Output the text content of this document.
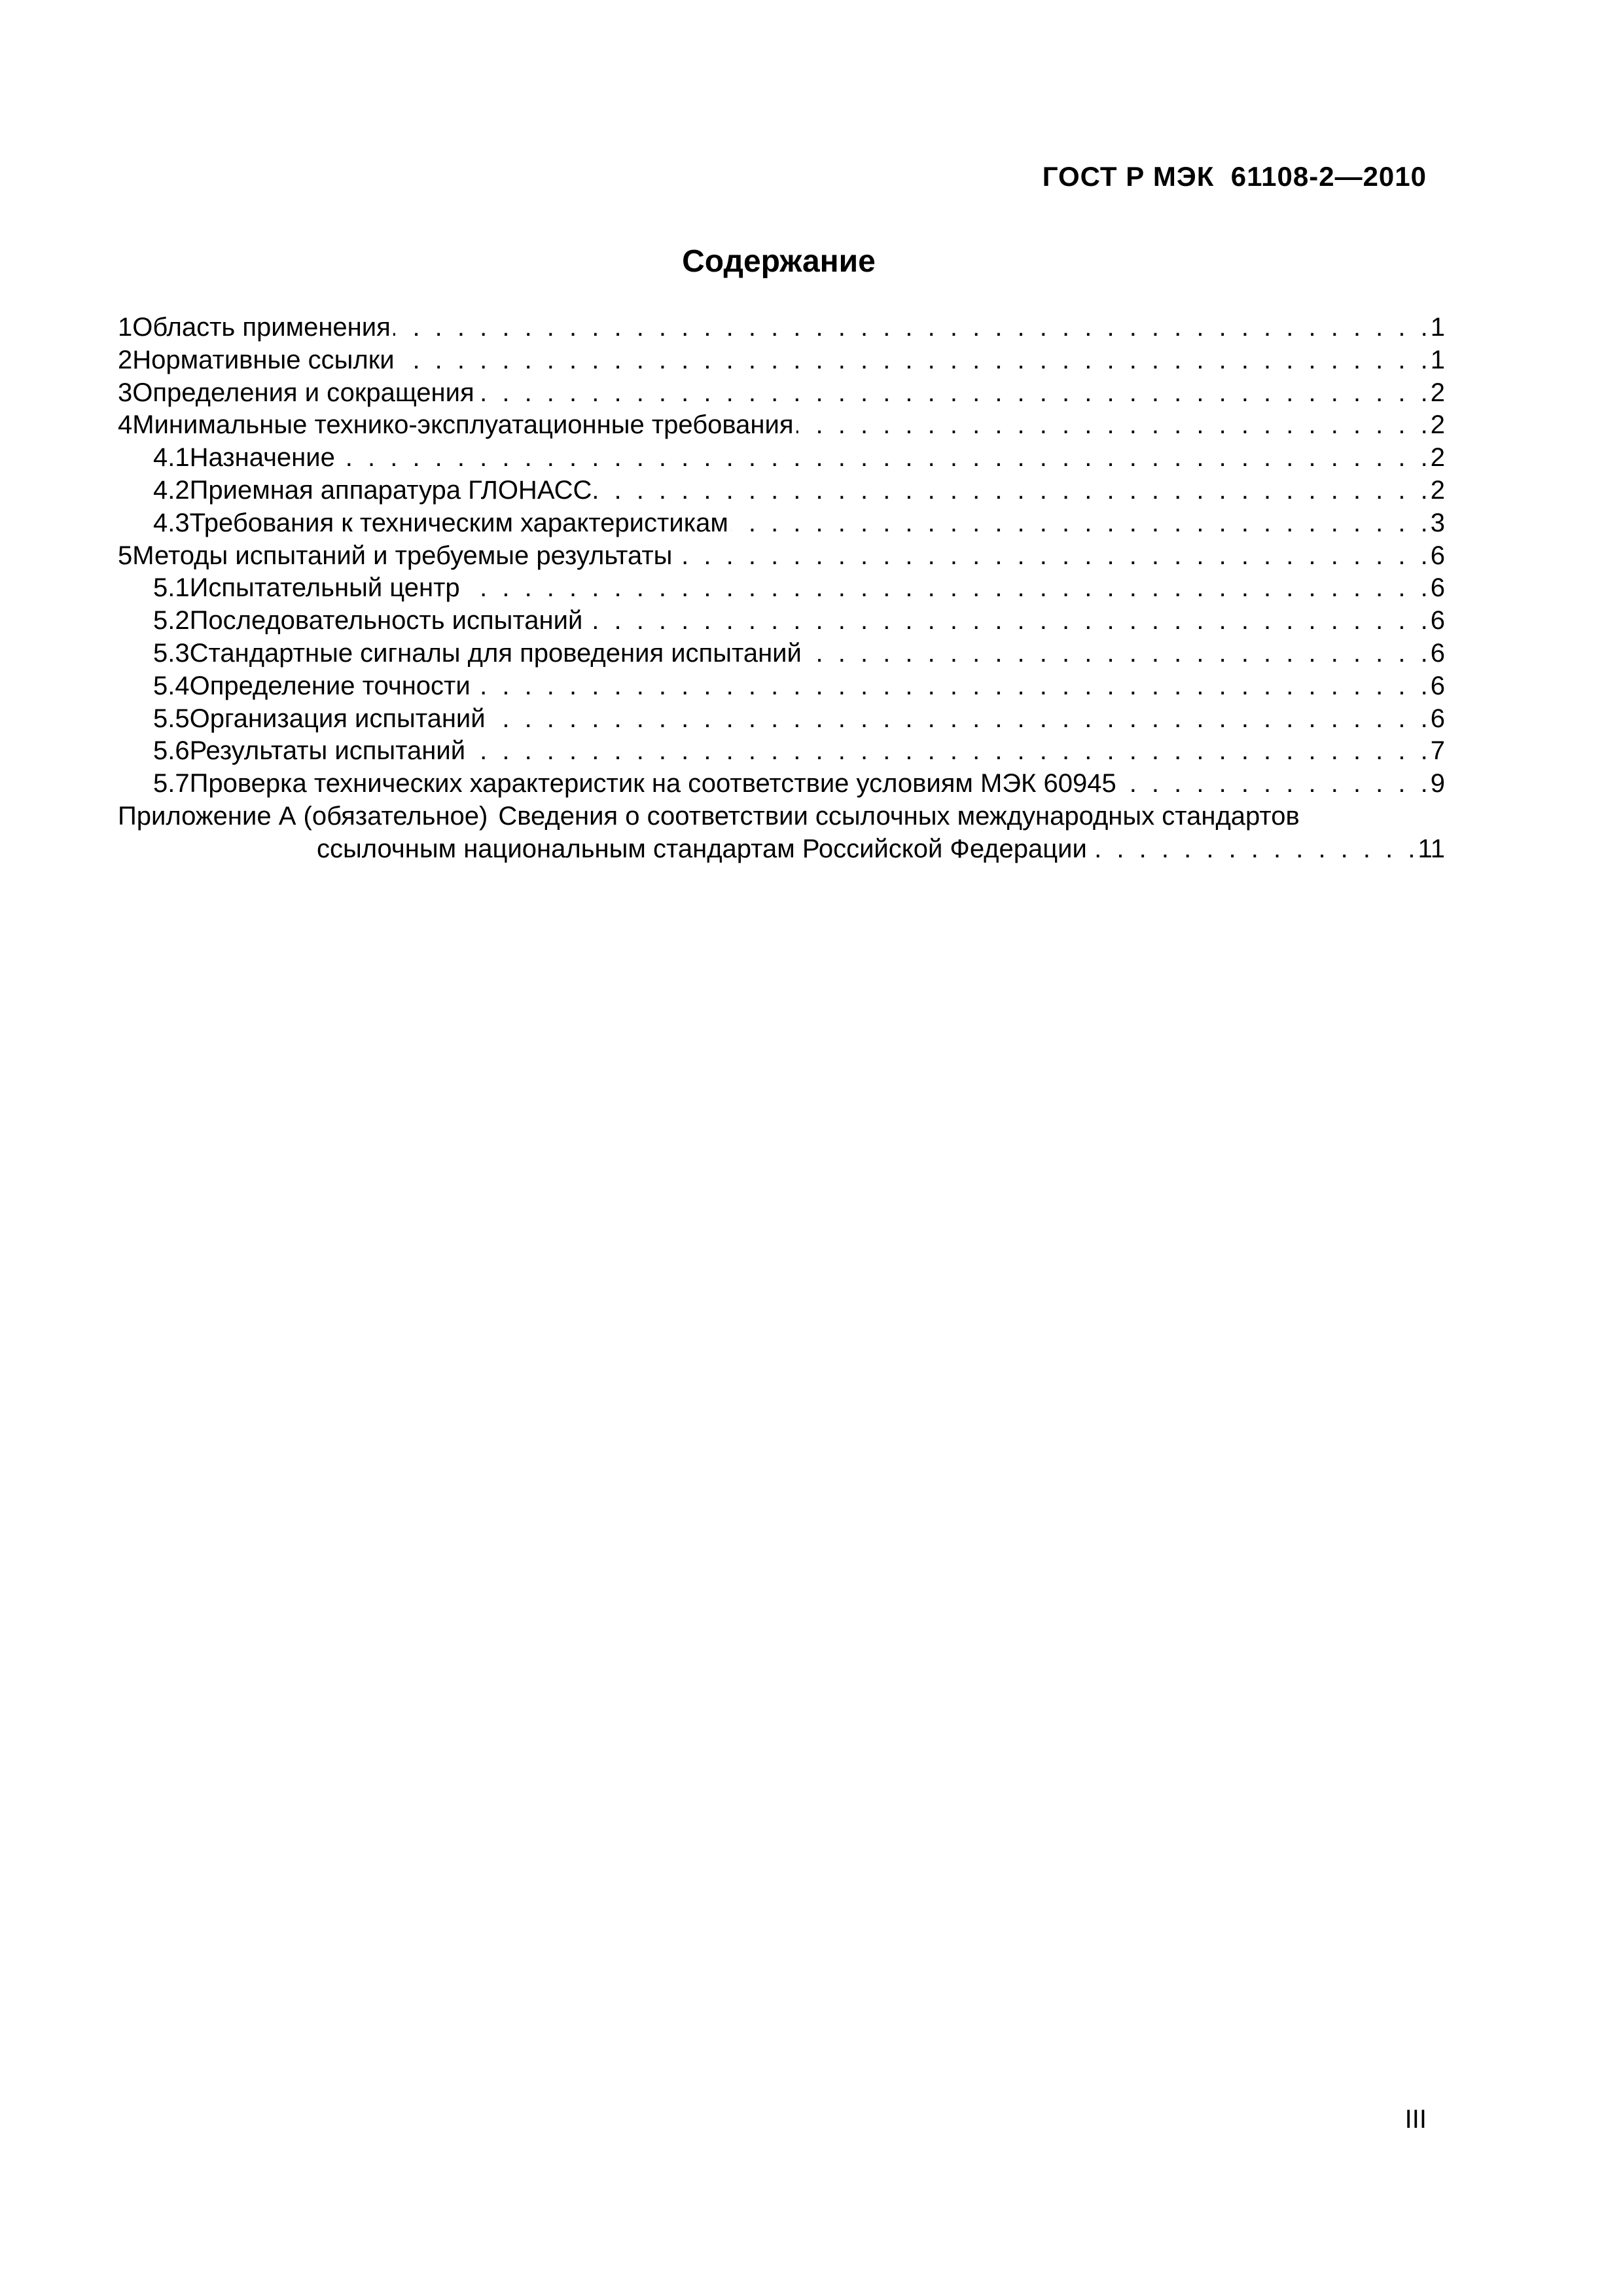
ГОСТ Р МЭК  61108-2—2010
Содержание
1 Область применения . . .	1
2 Нормативные ссылки . . .	1
3 Определения и сокращения . . .	2
4 Минимальные технико-эксплуатационные требования . . .	2
4.1 Назначение . . .	2
4.2 Приемная аппаратура ГЛОНАСС . . .	2
4.3 Требования к техническим характеристикам . . .	3
5 Методы испытаний и требуемые результаты . . .	6
5.1 Испытательный центр . . .	6
5.2 Последовательность испытаний . . .	6
5.3 Стандартные сигналы для проведения испытаний . . .	6
5.4 Определение точности . . .	6
5.5 Организация испытаний . . .	6
5.6 Результаты испытаний . . .	7
5.7 Проверка технических характеристик на соответствие условиям МЭК 60945 . . .	9
Приложение А (обязательное) Сведения о соответствии ссылочных международных стандартов
ссылочным национальным стандартам Российской Федерации . . .	11
III
